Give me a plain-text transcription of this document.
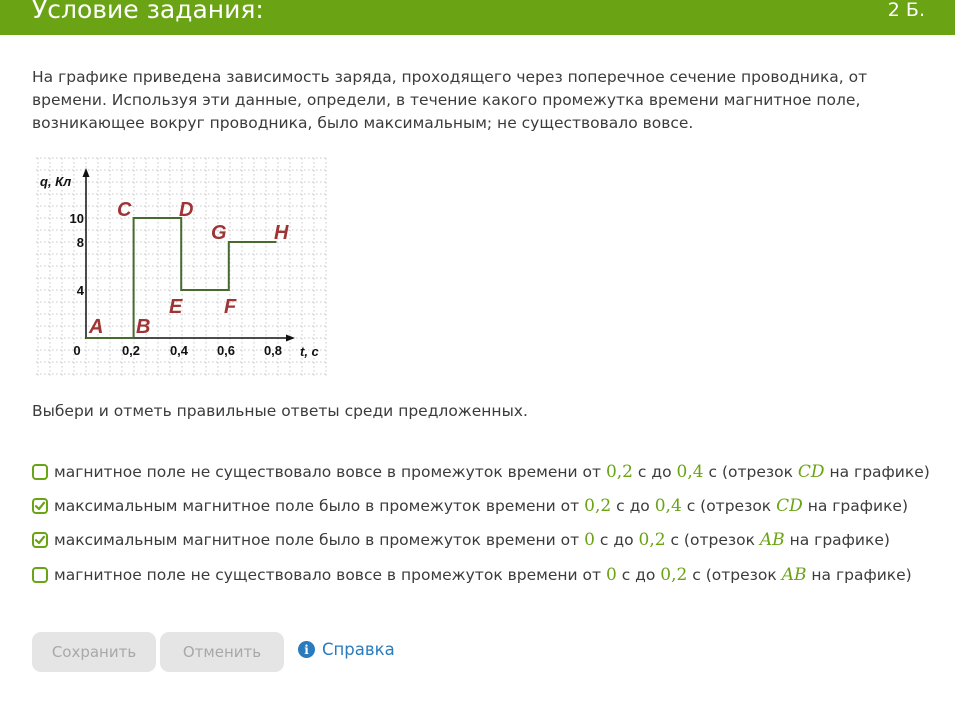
Условие задания:	2 Б.
На графике приведена зависимость заряда, проходящего через поперечное сечение проводника, от времени. Используя эти данные, определи, в течение какого промежутка времени магнитное поле, возникающее вокруг проводника, было максимальным; не существовало вовсе.
q, Кл
t, с
10
8
4
0	0,2 0,4 0,6 0,8
A B
C D
E F
G H
Выбери и отметь правильные ответы среди предложенных.
магнитное поле не существовало вовсе в промежуток времени от
0,2
с до
0,4
с (отрезок
CD
на графике)
максимальным магнитное поле было в промежуток времени от
0,2
с до
0,4
с (отрезок
CD
на графике)
максимальным магнитное поле было в промежуток времени от
0
с до
0,2
с (отрезок
AB
на графике)
магнитное поле не существовало вовсе в промежуток времени от
0
с до
0,2
с (отрезок
AB
на графике)
Сохранить	Отменить	i Справка
